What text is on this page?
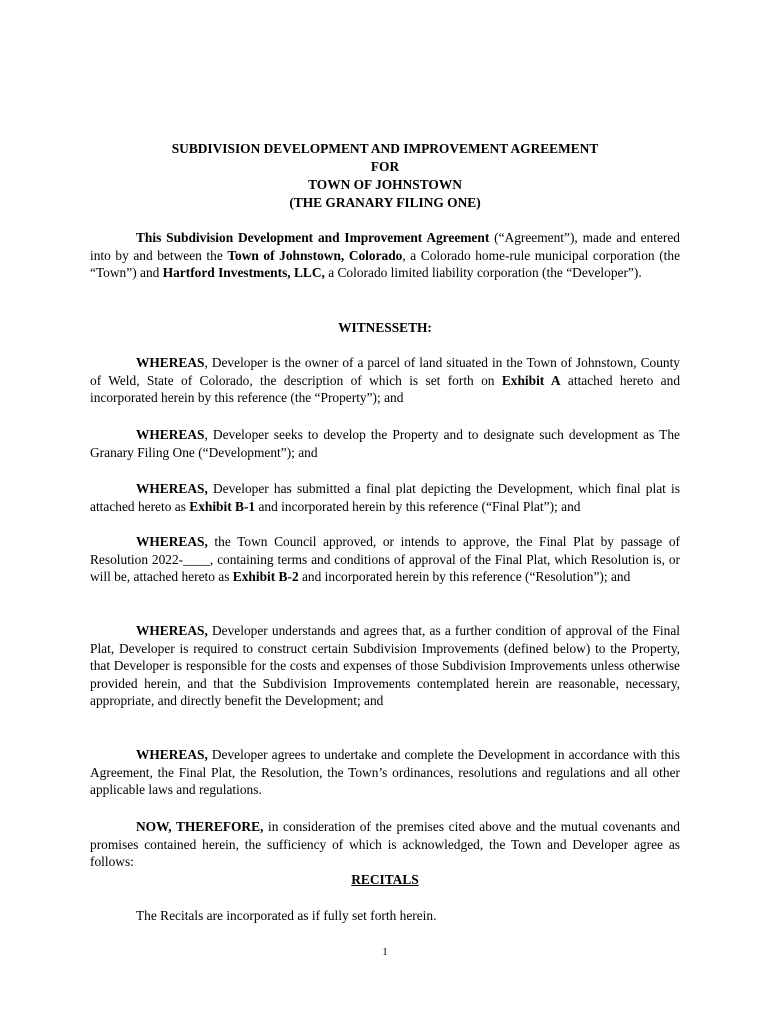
SUBDIVISION DEVELOPMENT AND IMPROVEMENT AGREEMENT
FOR
TOWN OF JOHNSTOWN
(THE GRANARY FILING ONE)

This Subdivision Development and Improvement Agreement (“Agreement”), made and entered into by and between the Town of Johnstown, Colorado, a Colorado home-rule municipal corporation (the “Town”) and Hartford Investments, LLC, a Colorado limited liability corporation (the “Developer”).

WITNESSETH:

WHEREAS, Developer is the owner of a parcel of land situated in the Town of Johnstown, County of Weld, State of Colorado, the description of which is set forth on Exhibit A attached hereto and incorporated herein by this reference (the “Property”); and

WHEREAS, Developer seeks to develop the Property and to designate such development as The Granary Filing One (“Development”); and

WHEREAS, Developer has submitted a final plat depicting the Development, which final plat is attached hereto as Exhibit B-1 and incorporated herein by this reference (“Final Plat”); and

WHEREAS, the Town Council approved, or intends to approve, the Final Plat by passage of Resolution 2022-____, containing terms and conditions of approval of the Final Plat, which Resolution is, or will be, attached hereto as Exhibit B-2 and incorporated herein by this reference (“Resolution”); and

WHEREAS, Developer understands and agrees that, as a further condition of approval of the Final Plat, Developer is required to construct certain Subdivision Improvements (defined below) to the Property, that Developer is responsible for the costs and expenses of those Subdivision Improvements unless otherwise provided herein, and that the Subdivision Improvements contemplated herein are reasonable, necessary, appropriate, and directly benefit the Development; and

WHEREAS, Developer agrees to undertake and complete the Development in accordance with this Agreement, the Final Plat, the Resolution, the Town’s ordinances, resolutions and regulations and all other applicable laws and regulations.

NOW, THEREFORE, in consideration of the premises cited above and the mutual covenants and promises contained herein, the sufficiency of which is acknowledged, the Town and Developer agree as follows:

RECITALS

The Recitals are incorporated as if fully set forth herein.

1
